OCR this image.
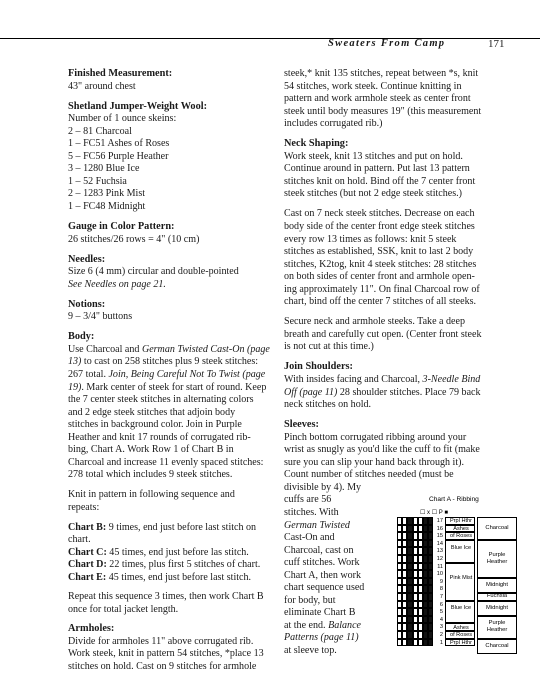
Sweaters From Camp	171
Finished Measurement:
43" around chest
Shetland Jumper-Weight Wool:
Number of 1 ounce skeins:
2 – 81 Charcoal
1 – FC51 Ashes of Roses
5 – FC56 Purple Heather
3 – 1280 Blue Ice
1 – 52 Fuchsia
2 – 1283 Pink Mist
1 – FC48 Midnight
Gauge in Color Pattern:
26 stitches/26 rows = 4" (10 cm)
Needles:
Size 6 (4 mm) circular and double-pointed
See Needles on page 21.
Notions:
9 – 3/4" buttons
Body:
Use Charcoal and German Twisted Cast-On (page
13) to cast on 258 stitches plus 9 steek stitches:
267 total. Join, Being Careful Not To Twist (page
19). Mark center of steek for start of round. Keep
the 7 center steek stitches in alternating colors
and 2 edge steek stitches that adjoin body
stitches in background color. Join in Purple
Heather and knit 17 rounds of corrugated rib-
bing, Chart A. Work Row 1 of Chart B in
Charcoal and increase 11 evenly spaced stitches:
278 total which includes 9 steek stitches.
Knit in pattern in following sequence and
repeats:
Chart B: 9 times, end just before last stitch on
chart.
Chart C: 45 times, end just before las stitch.
Chart D: 22 times, plus first 5 stitches of chart.
Chart E: 45 times, end just before last stitch.
Repeat this sequence 3 times, then work Chart B
once for total jacket length.
Armholes:
Divide for armholes 11" above corrugated rib.
Work steek, knit in pattern 54 stitches, *place 13
stitches on hold. Cast on 9 stitches for armhole
steek,* knit 135 stitches, repeat between *s, knit
54 stitches, work steek. Continue knitting in
pattern and work armhole steek as center front
steek until body measures 19" (this measurement
includes corrugated rib.)
Neck Shaping:
Work steek, knit 13 stitches and put on hold.
Continue around in pattern. Put last 13 pattern
stitches knit on hold. Bind off the 7 center front
steek stitches (but not 2 edge steek stitches.)
Cast on 7 neck steek stitches. Decrease on each
body side of the center front edge steek stitches
every row 13 times as follows: knit 5 steek
stitches as established, SSK, knit to last 2 body
stitches, K2tog, knit 4 steek stitches: 28 stitches
on both sides of center front and armhole open-
ing approximately 11". On final Charcoal row of
chart, bind off the center 7 stitches of all steeks.
Secure neck and armhole steeks. Take a deep
breath and carefully cut open. (Center front steek
is not cut at this time.)
Join Shoulders:
With insides facing and Charcoal, 3-Needle Bind
Off (page 11) 28 shoulder stitches. Place 79 back
neck stitches on hold.
Sleeves:
Pinch bottom corrugated ribbing around your
wrist as snugly as you'd like the cuff to fit (make
sure you can slip your hand back through it).
Count number of stitches needed (must be
divisible by 4). My
cuffs are 56
stitches. With
German Twisted
Cast-On and
Charcoal, cast on
cuff stitches. Work
Chart A, then work
chart sequence used
for body, but
eliminate Chart B
at the end. Balance
Patterns (page 11)
at sleeve top.
Chart A - Ribbing
☐ x ☐ P ■
17
16
15
14
13
12
11
10
9
8
7
6
5
4
3
2
1
Prpl Hthr
Ashes
of Roses
Blue Ice
Pink Mist
Blue Ice
Ashes
of Roses
Prpl Hthr
Charcoal
Purple Heather
Midnight
Fuchsia
Midnight
Purple Heather
Charcoal
